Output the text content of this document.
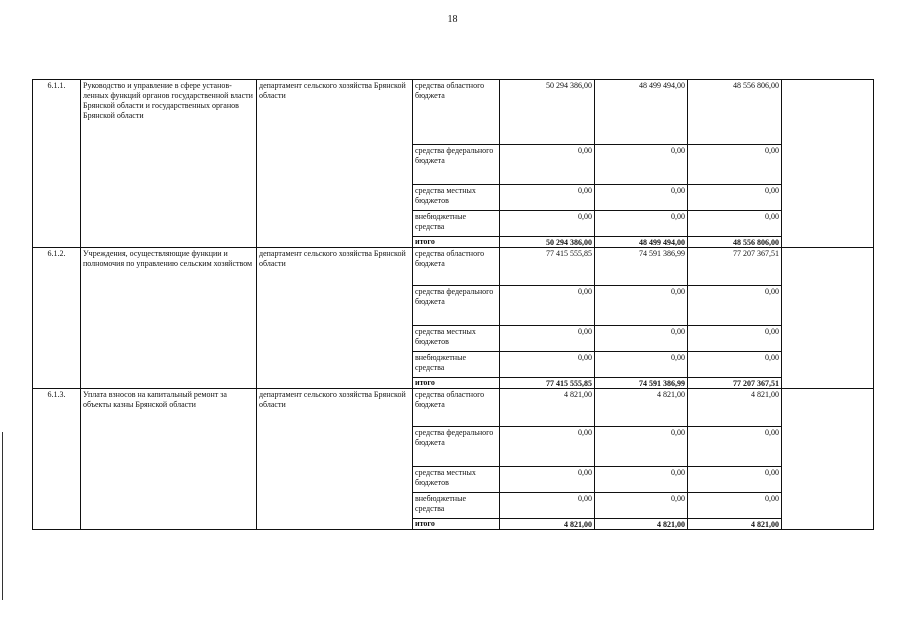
18
6.1.1.	Руководство и управление в сфере установ-ленных функций органов государственной власти Брянской области и государственных органов Брянской области	департамент сельского хозяйства Брянской области	средства областного бюджета	50 294 386,00	48 499 494,00	48 556 806,00	
			средства федерального бюджета	0,00	0,00	0,00	
			средства местных бюджетов	0,00	0,00	0,00	
			внебюджетные средства	0,00	0,00	0,00	
			итого	50 294 386,00	48 499 494,00	48 556 806,00	
6.1.2.	Учреждения, осуществляющие функции и полномочия по управлению сельским хозяйством	департамент сельского хозяйства Брянской области	средства областного бюджета	77 415 555,85	74 591 386,99	77 207 367,51	
			средства федерального бюджета	0,00	0,00	0,00	
			средства местных бюджетов	0,00	0,00	0,00	
			внебюджетные средства	0,00	0,00	0,00	
			итого	77 415 555,85	74 591 386,99	77 207 367,51	
6.1.3.	Уплата взносов на капитальный ремонт за объекты казны Брянской области	департамент сельского хозяйства Брянской области	средства областного бюджета	4 821,00	4 821,00	4 821,00	
			средства федерального бюджета	0,00	0,00	0,00	
			средства местных бюджетов	0,00	0,00	0,00	
			внебюджетные средства	0,00	0,00	0,00	
			итого	4 821,00	4 821,00	4 821,00	
